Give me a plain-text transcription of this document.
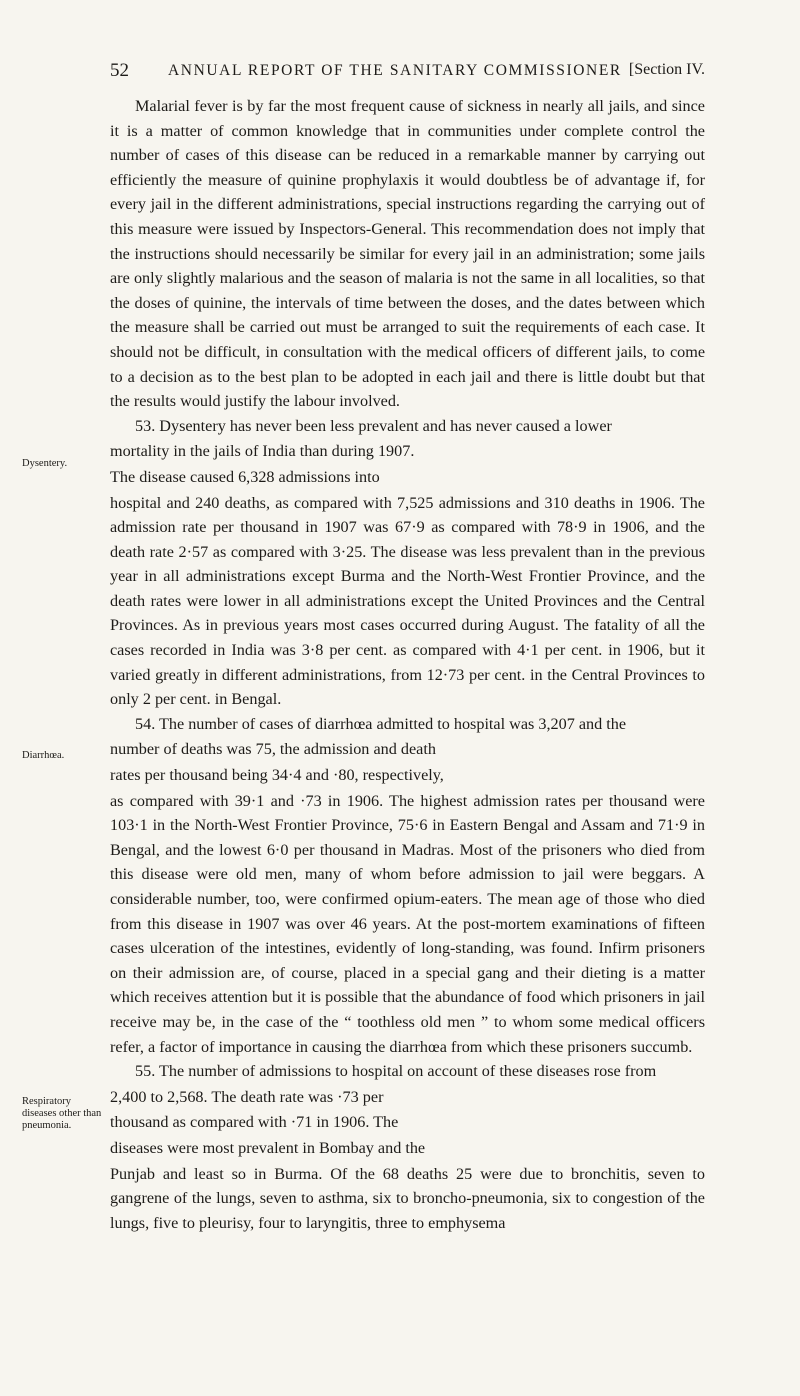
52	ANNUAL REPORT OF THE SANITARY COMMISSIONER [Section IV.

Malarial fever is by far the most frequent cause of sickness in nearly all jails, and since it is a matter of common knowledge that in communities under complete control the number of cases of this disease can be reduced in a remarkable manner by carrying out efficiently the measure of quinine prophylaxis it would doubtless be of advantage if, for every jail in the different administrations, special instructions regarding the carrying out of this measure were issued by Inspectors-General. This recommendation does not imply that the instructions should necessarily be similar for every jail in an administration; some jails are only slightly malarious and the season of malaria is not the same in all localities, so that the doses of quinine, the intervals of time between the doses, and the dates between which the measure shall be carried out must be arranged to suit the requirements of each case. It should not be difficult, in consultation with the medical officers of different jails, to come to a decision as to the best plan to be adopted in each jail and there is little doubt but that the results would justify the labour involved.

Dysentery.

53. Dysentery has never been less prevalent and has never caused a lower

mortality in the jails of India than during 1907.

The disease caused 6,328 admissions into

hospital and 240 deaths, as compared with 7,525 admissions and 310 deaths in 1906. The admission rate per thousand in 1907 was 67·9 as compared with 78·9 in 1906, and the death rate 2·57 as compared with 3·25. The disease was less prevalent than in the previous year in all administrations except Burma and the North-West Frontier Province, and the death rates were lower in all administrations except the United Provinces and the Central Provinces. As in previous years most cases occurred during August. The fatality of all the cases recorded in India was 3·8 per cent. as compared with 4·1 per cent. in 1906, but it varied greatly in different administrations, from 12·73 per cent. in the Central Provinces to only 2 per cent. in Bengal.

Diarrhœa.

54. The number of cases of diarrhœa admitted to hospital was 3,207 and the

number of deaths was 75, the admission and death

rates per thousand being 34·4 and ·80, respectively,

as compared with 39·1 and ·73 in 1906. The highest admission rates per thousand were 103·1 in the North-West Frontier Province, 75·6 in Eastern Bengal and Assam and 71·9 in Bengal, and the lowest 6·0 per thousand in Madras. Most of the prisoners who died from this disease were old men, many of whom before admission to jail were beggars. A considerable number, too, were confirmed opium-eaters. The mean age of those who died from this disease in 1907 was over 46 years. At the post-mortem examinations of fifteen cases ulceration of the intestines, evidently of long-standing, was found. Infirm prisoners on their admission are, of course, placed in a special gang and their dieting is a matter which receives attention but it is possible that the abundance of food which prisoners in jail receive may be, in the case of the “ toothless old men ” to whom some medical officers refer, a factor of importance in causing the diarrhœa from which these prisoners succumb.

Respiratory diseases other than pneumonia.

55. The number of admissions to hospital on account of these diseases rose from

2,400 to 2,568. The death rate was ·73 per

thousand as compared with ·71 in 1906. The

diseases were most prevalent in Bombay and the

Punjab and least so in Burma. Of the 68 deaths 25 were due to bronchitis, seven to gangrene of the lungs, seven to asthma, six to broncho-pneumonia, six to congestion of the lungs, five to pleurisy, four to laryngitis, three to emphysema
